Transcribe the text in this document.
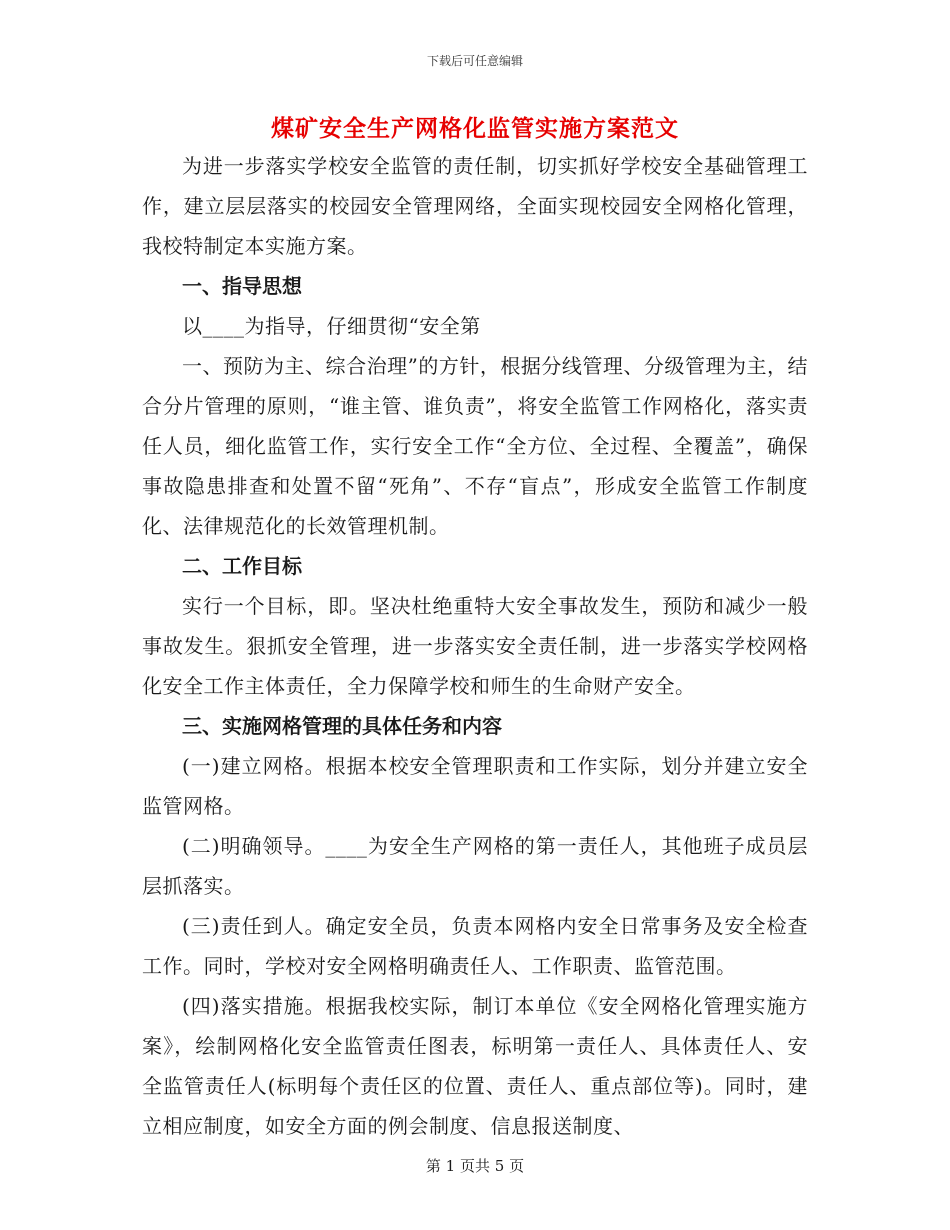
下载后可任意编辑
煤矿安全生产网格化监管实施方案范文

为进一步落实学校安全监管的责任制，切实抓好学校安全基础管理工作，建立层层落实的校园安全管理网络，全面实现校园安全网格化管理，我校特制定本实施方案。

一、指导思想

以____为指导，仔细贯彻“安全第

一、预防为主、综合治理”的方针，根据分线管理、分级管理为主，结合分片管理的原则，“谁主管、谁负责”，将安全监管工作网格化，落实责任人员，细化监管工作，实行安全工作“全方位、全过程、全覆盖”，确保事故隐患排查和处置不留“死角”、不存“盲点”，形成安全监管工作制度化、法律规范化的长效管理机制。

二、工作目标

实行一个目标，即。坚决杜绝重特大安全事故发生，预防和减少一般事故发生。狠抓安全管理，进一步落实安全责任制，进一步落实学校网格化安全工作主体责任，全力保障学校和师生的生命财产安全。

三、实施网格管理的具体任务和内容

(一)建立网格。根据本校安全管理职责和工作实际，划分并建立安全监管网格。

(二)明确领导。____为安全生产网格的第一责任人，其他班子成员层层抓落实。

(三)责任到人。确定安全员，负责本网格内安全日常事务及安全检查工作。同时，学校对安全网格明确责任人、工作职责、监管范围。

(四)落实措施。根据我校实际，制订本单位《安全网格化管理实施方案》，绘制网格化安全监管责任图表，标明第一责任人、具体责任人、安全监管责任人(标明每个责任区的位置、责任人、重点部位等)。同时，建立相应制度，如安全方面的例会制度、信息报送制度、

第 1 页共 5 页
